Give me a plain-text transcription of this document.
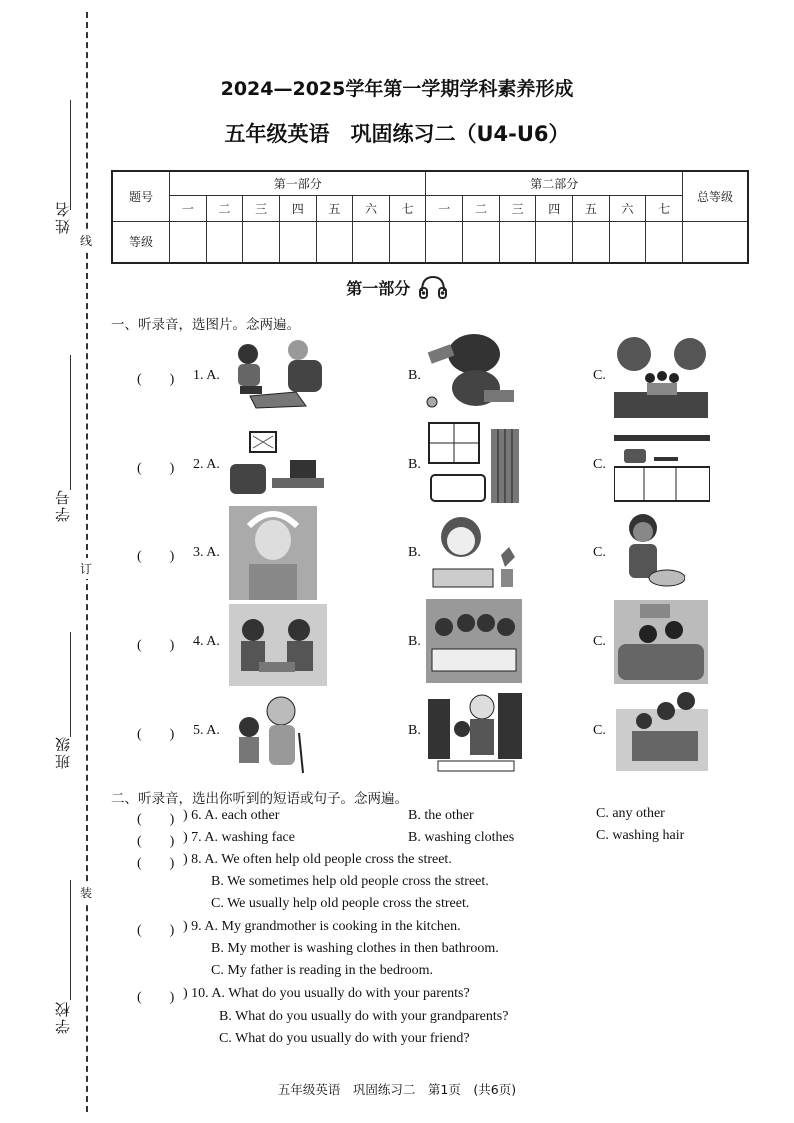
姓名
线
学号
订
班级
装
学校
2024—2025学年第一学期学科素养形成
五年级英语　巩固练习二（U4-U6）
题号	第一部分							第二部分							总等级
	一	二	三	四	五	六	七	一	二	三	四	五	六	七	
等级															
第一部分
一、听录音，选图片。念两遍。
(　　) 1. A.	B.	C.
(　　) 2. A.	B.	C.
(　　) 3. A.	B.	C.
(　　) 4. A.	B.	C.
(　　) 5. A.	B.	C.
二、听录音，选出你听到的短语或句子。念两遍。
(　　) ) 6. A. each other	B. the other	C. any other
(　　) ) 7. A. washing face	B. washing clothes	C. washing hair
(　　) ) 8. A. We often help old people cross the street.
B. We sometimes help old people cross the street.
C. We usually help old people cross the street.
(　　) ) 9. A. My grandmother is cooking in the kitchen.
B. My mother is washing clothes in then bathroom.
C. My father is reading in the bedroom.
(　　) ) 10. A. What do you usually do with your parents?
B. What do you usually do with your grandparents?
C. What do you usually do with your friend?
五年级英语　巩固练习二　第1页　(共6页)
